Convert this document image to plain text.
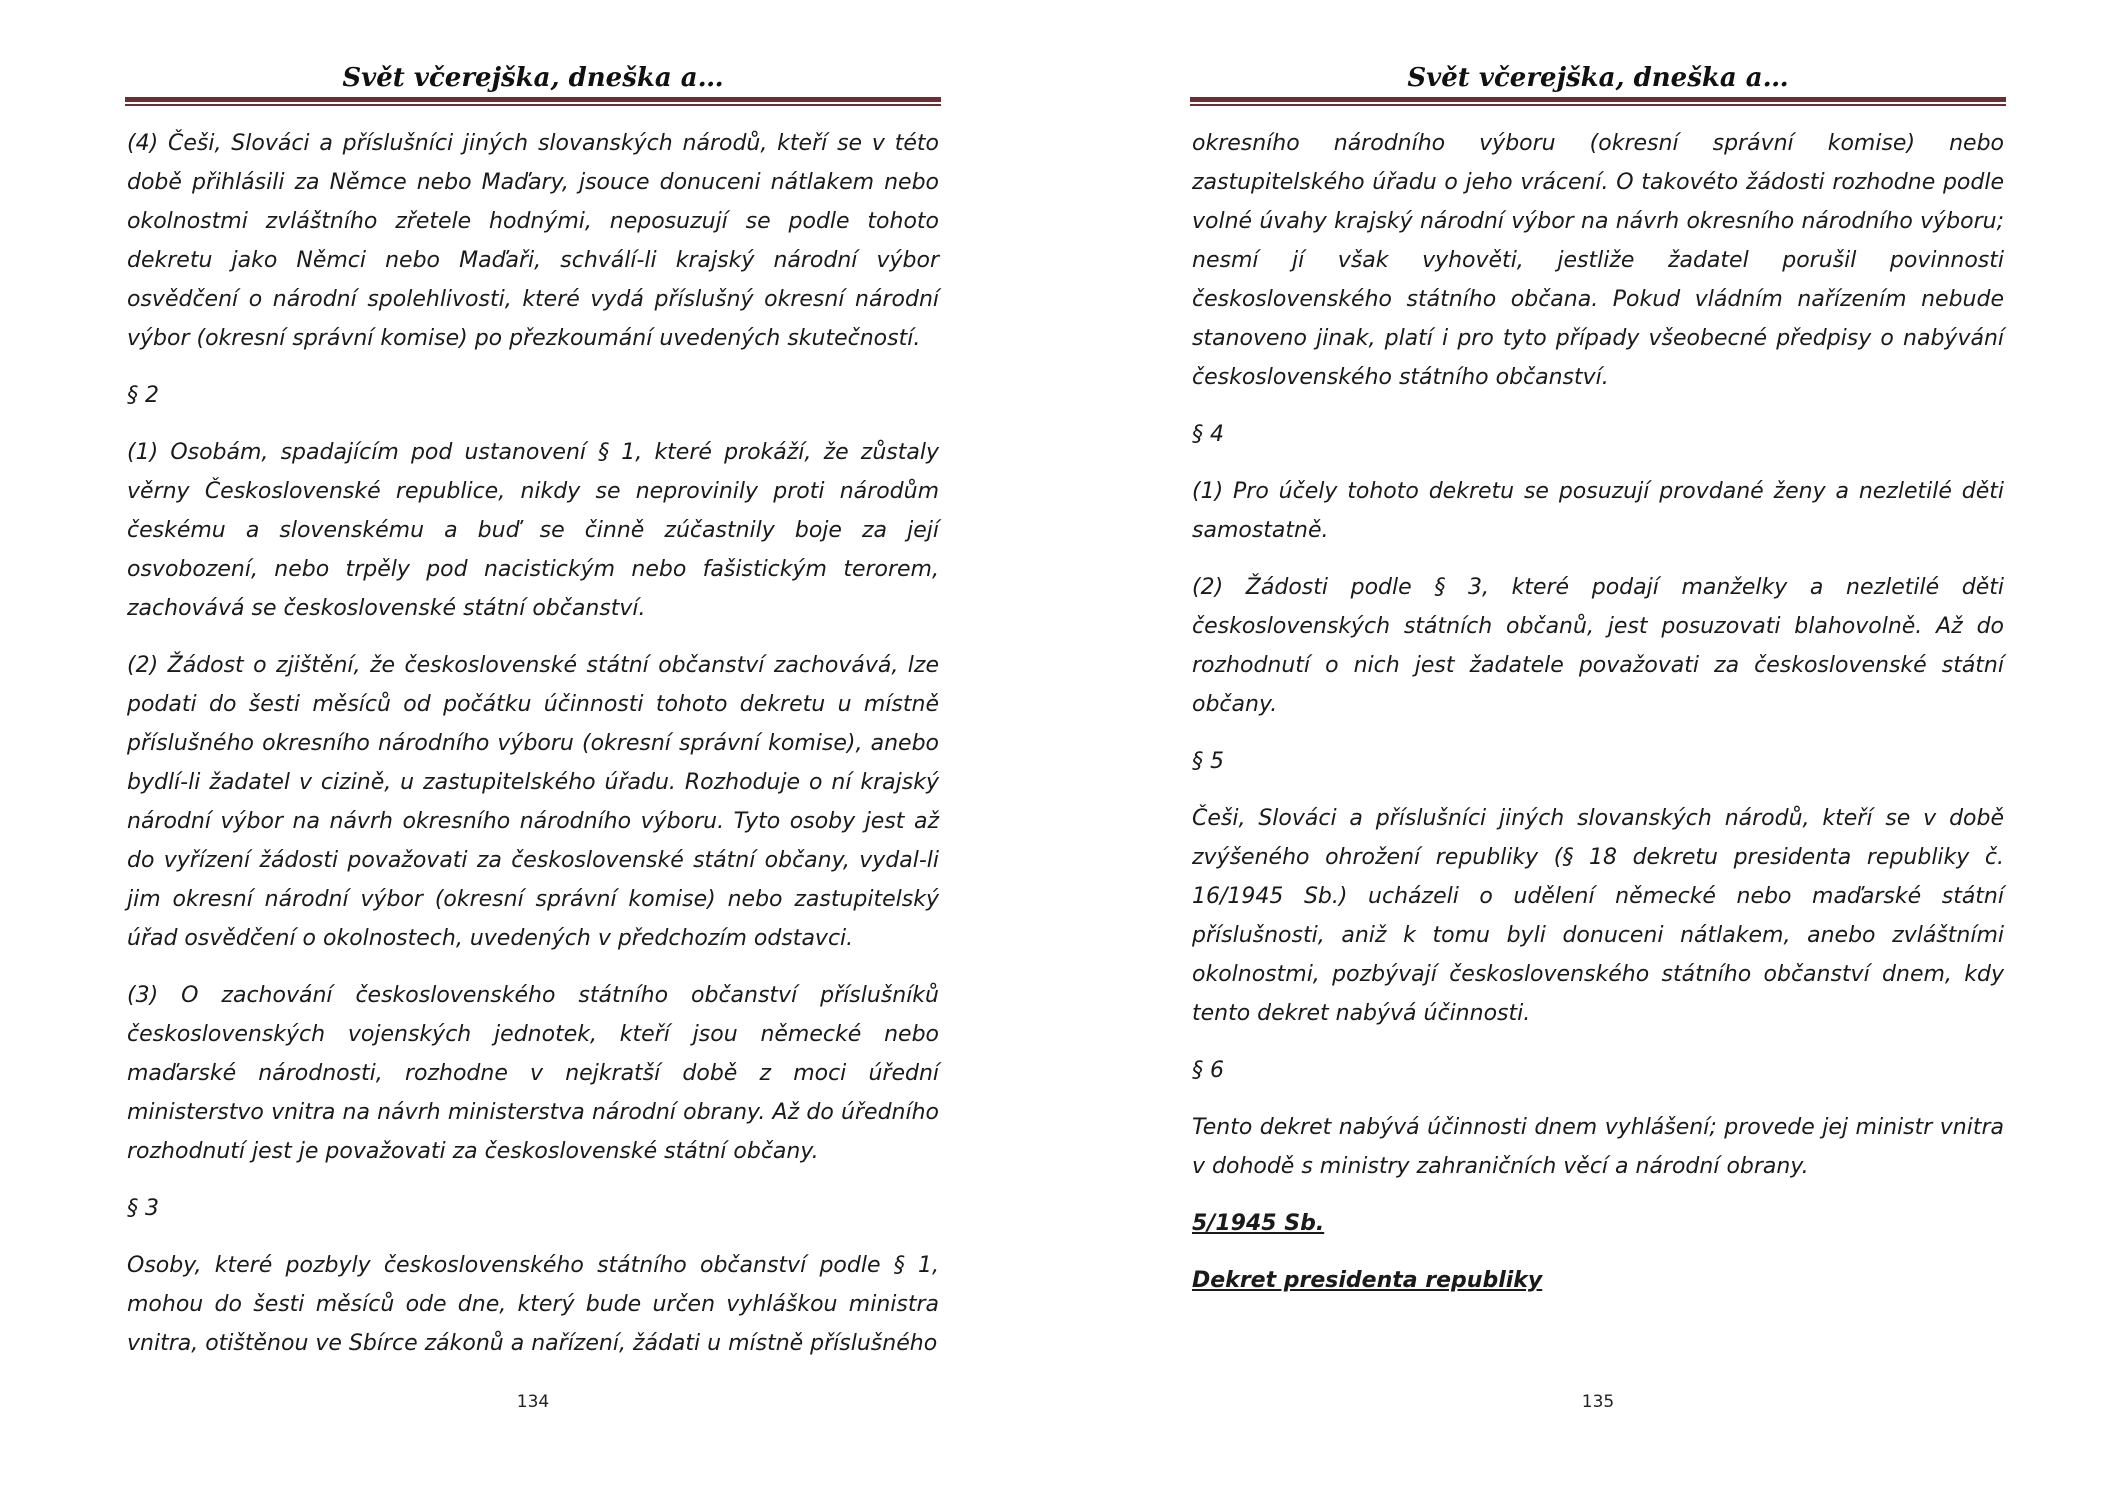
Svět včerejška, dneška a…

(4) Češi, Slováci a příslušníci jiných slovanských národů, kteří se v této době přihlásili za Němce nebo Maďary, jsouce donuceni nátlakem nebo okolnostmi zvláštního zřetele hodnými, neposuzují se podle tohoto dekretu jako Němci nebo Maďaři, schválí-li krajský národní výbor osvědčení o národní spolehlivosti, které vydá příslušný okresní národní výbor (okresní správní komise) po přezkoumání uvedených skutečností.

§ 2

(1) Osobám, spadajícím pod ustanovení § 1, které prokáží, že zůstaly věrny Československé republice, nikdy se neprovinily proti národům českému a slovenskému a buď se činně zúčastnily boje za její osvobození, nebo trpěly pod nacistickým nebo fašistickým terorem, zachovává se československé státní občanství.

(2) Žádost o zjištění, že československé státní občanství zachovává, lze podati do šesti měsíců od počátku účinnosti tohoto dekretu u místně příslušného okresního národního výboru (okresní správní komise), anebo bydlí-li žadatel v cizině, u zastupitelského úřadu. Rozhoduje o ní krajský národní výbor na návrh okresního národního výboru. Tyto osoby jest až do vyřízení žádosti považovati za československé státní občany, vydal-li jim okresní národní výbor (okresní správní komise) nebo zastupitelský úřad osvědčení o okolnostech, uvedených v předchozím odstavci.

(3) O zachování československého státního občanství příslušníků československých vojenských jednotek, kteří jsou německé nebo maďarské národnosti, rozhodne v nejkratší době z moci úřední ministerstvo vnitra na návrh ministerstva národní obrany. Až do úředního rozhodnutí jest je považovati za československé státní občany.

§ 3

Osoby, které pozbyly československého státního občanství podle § 1, mohou do šesti měsíců ode dne, který bude určen vyhláškou ministra vnitra, otištěnou ve Sbírce zákonů a nařízení, žádati u místně příslušného

134
Svět včerejška, dneška a…

okresního národního výboru (okresní správní komise) nebo zastupitelského úřadu o jeho vrácení. O takovéto žádosti rozhodne podle volné úvahy krajský národní výbor na návrh okresního národního výboru; nesmí jí však vyhověti, jestliže žadatel porušil povinnosti československého státního občana. Pokud vládním nařízením nebude stanoveno jinak, platí i pro tyto případy všeobecné předpisy o nabývání československého státního občanství.

§ 4

(1) Pro účely tohoto dekretu se posuzují provdané ženy a nezletilé děti samostatně.

(2) Žádosti podle § 3, které podají manželky a nezletilé děti československých státních občanů, jest posuzovati blahovolně. Až do rozhodnutí o nich jest žadatele považovati za československé státní občany.

§ 5

Češi, Slováci a příslušníci jiných slovanských národů, kteří se v době zvýšeného ohrožení republiky (§ 18 dekretu presidenta republiky č. 16/1945 Sb.) ucházeli o udělení německé nebo maďarské státní příslušnosti, aniž k tomu byli donuceni nátlakem, anebo zvláštními okolnostmi, pozbývají československého státního občanství dnem, kdy tento dekret nabývá účinnosti.

§ 6

Tento dekret nabývá účinnosti dnem vyhlášení; provede jej ministr vnitra v dohodě s ministry zahraničních věcí a národní obrany.

5/1945 Sb.

Dekret presidenta republiky

135
